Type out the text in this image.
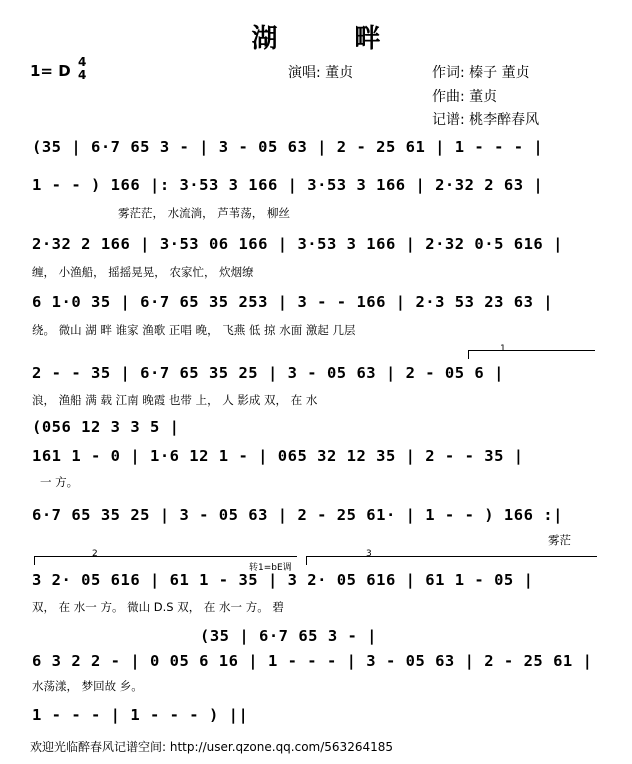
湖 畔
1= D 4
4	演唱: 董贞	作词: 榛子 董贞
作曲: 董贞
记谱: 桃李醉春风
(35 | 6·7 65 3 - | 3 - 05 63 | 2 - 25 61 | 1 - - - |
1 - - ) 166 |: 3·53 3 166 | 3·53 3 166 | 2·32 2 63 |
雾茫茫， 水流淌， 芦苇荡， 柳丝
2·32 2 166 | 3·53 06 166 | 3·53 3 166 | 2·32 0·5 616 |
缠， 小渔船， 摇摇晃晃， 农家忙， 炊烟缭
6 1·0 35 | 6·7 65 35 253 | 3 - - 166 | 2·3 53 23 63 |
绕。 微山 湖 畔 谁家 渔歌 正唱 晚， 飞燕 低 掠 水面 激起 几层
1
2 - - 35 | 6·7 65 35 25 | 3 - 05 63 | 2 - 05 6 |
浪， 渔船 满 载 江南 晚霞 也带 上， 人 影成 双， 在 水
(056 12 3 3 5 |
161 1 - 0 | 1·6 12 1 - | 065 32 12 35 | 2 - - 35 |
一 方。
6·7 65 35 25 | 3 - 05 63 | 2 - 25 61· | 1 - - ) 166 :|
雾茫
2	3
转1=bE调
3 2· 05 616 | 61 1 - 35 | 3 2· 05 616 | 61 1 - 05 |
双， 在 水一 方。 微山 D.S 双， 在 水一 方。 碧
(35 | 6·7 65 3 - |
6 3 2 2 - | 0 05 6 16 | 1 - - - | 3 - 05 63 | 2 - 25 61 |
水荡漾， 梦回故 乡。
1 - - - | 1 - - - ) ||
欢迎光临醉春风记谱空间: http://user.qzone.qq.com/563264185
